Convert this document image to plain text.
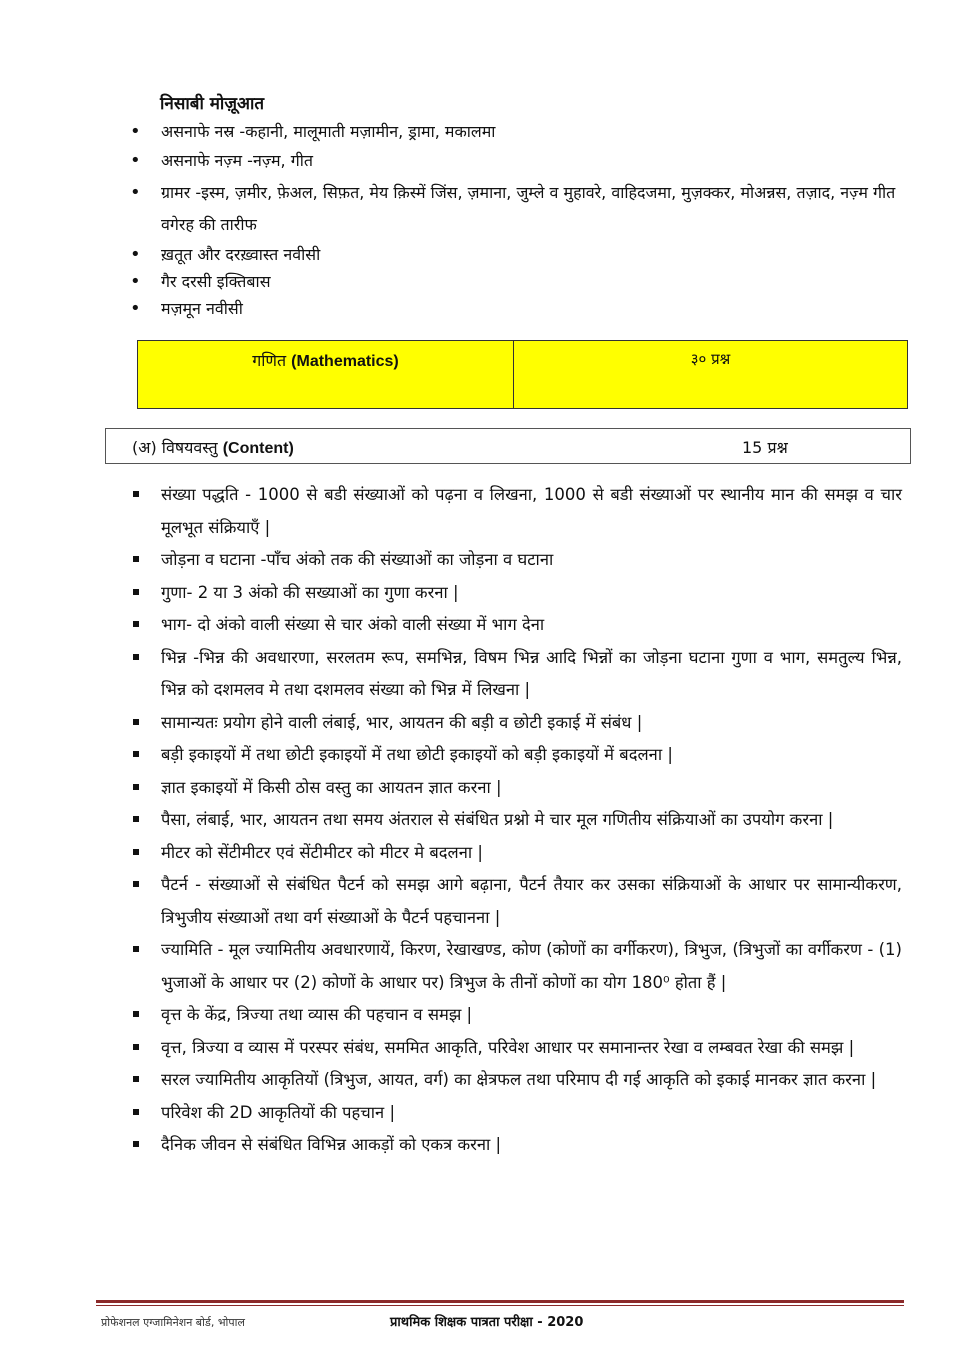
निसाबी मोज़ूआत
• असनाफे नस्र -कहानी, मालूमाती मज़ामीन, ड्रामा, मकालमा
• असनाफे नज़्म -नज़्म, गीत
• ग्रामर -इस्म, ज़मीर, फ़ेअल, सिफ़त, मेय क़िस्में जिंस, ज़माना, जुम्ले व मुहावरे, वाहिदजमा, मुज़क्कर, मोअन्नस, तज़ाद, नज़्म गीत वगेरह की तारीफ
• ख़तूत और दरख़्वास्त नवीसी
• गैर दरसी इक्तिबास
• मज़मून नवीसी
गणित (Mathematics)	३० प्रश्न
(अ) विषयवस्तु (Content)	15 प्रश्न
संख्या पद्धति - 1000 से बडी संख्याओं को पढ़ना व लिखना, 1000 से बडी संख्याओं पर स्थानीय मान की समझ व चार मूलभूत संक्रियाएँ |
जोड़ना व घटाना -पाँच अंको तक की संख्याओं का जोड़ना व घटाना
गुणा- 2 या 3 अंको की सख्याओं का गुणा करना |
भाग- दो अंको वाली संख्या से चार अंको वाली संख्या में भाग देना
भिन्न -भिन्न की अवधारणा, सरलतम रूप, समभिन्न, विषम भिन्न आदि भिन्नों का जोड़ना घटाना गुणा व भाग, समतुल्य भिन्न, भिन्न को दशमलव मे तथा दशमलव संख्या को भिन्न में लिखना |
सामान्यतः प्रयोग होने वाली लंबाई, भार, आयतन की बड़ी व छोटी इकाई में संबंध |
बड़ी इकाइयों में तथा छोटी इकाइयों में तथा छोटी इकाइयों को बड़ी इकाइयों में बदलना |
ज्ञात इकाइयों में किसी ठोस वस्तु का आयतन ज्ञात करना |
पैसा, लंबाई, भार, आयतन तथा समय अंतराल से संबंधित प्रश्नो मे चार मूल गणितीय संक्रियाओं का उपयोग करना |
मीटर को सेंटीमीटर एवं सेंटीमीटर को मीटर मे बदलना |
पैटर्न - संख्याओं से संबंधित पैटर्न को समझ आगे बढ़ाना, पैटर्न तैयार कर उसका संक्रियाओं के आधार पर सामान्यीकरण, त्रिभुजीय संख्याओं तथा वर्ग संख्याओं के पैटर्न पहचानना |
ज्यामिति - मूल ज्यामितीय अवधारणायें, किरण, रेखाखण्ड, कोण (कोणों का वर्गीकरण), त्रिभुज, (त्रिभुजों का वर्गीकरण - (1) भुजाओं के आधार पर (2) कोणों के आधार पर) त्रिभुज के तीनों कोणों का योग 180⁰ होता हैं |
वृत्त के केंद्र, त्रिज्या तथा व्यास की पहचान व समझ |
वृत्त, त्रिज्या व व्यास में परस्पर संबंध, सममित आकृति, परिवेश आधार पर समानान्तर रेखा व लम्बवत रेखा की समझ |
सरल ज्यामितीय आकृतियों (त्रिभुज, आयत, वर्ग) का क्षेत्रफल तथा परिमाप दी गई आकृति को इकाई मानकर ज्ञात करना |
परिवेश की 2D आकृतियों की पहचान |
दैनिक जीवन से संबंधित विभिन्न आकड़ों को एकत्र करना |
प्रोफेशनल एग्जामिनेशन बोर्ड, भोपाल	प्राथमिक शिक्षक पात्रता परीक्षा - 2020
